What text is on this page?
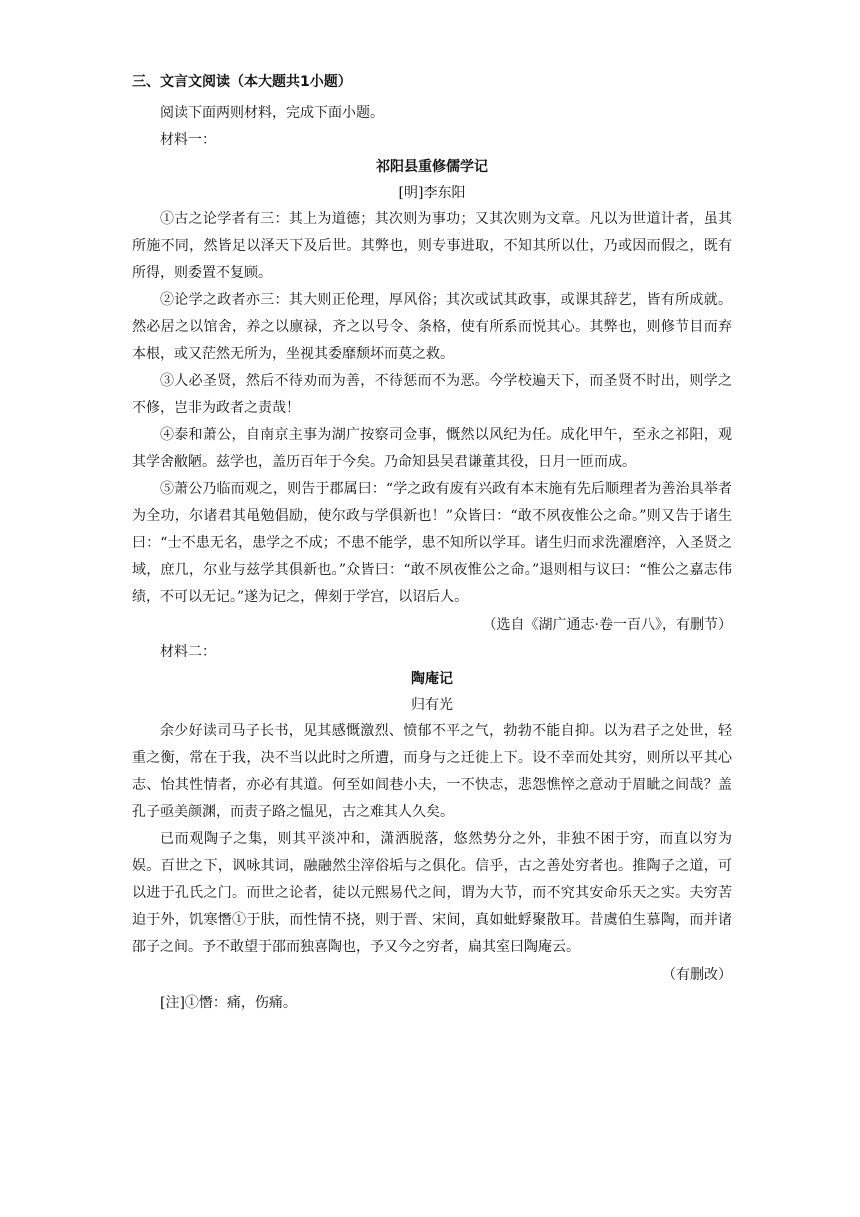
三、文言文阅读（本大题共1小题）

阅读下面两则材料，完成下面小题。

材料一：

祁阳县重修儒学记
[明]李东阳

①古之论学者有三：其上为道德；其次则为事功；又其次则为文章。凡以为世道计者，虽其所施不同，然皆足以泽天下及后世。其弊也，则专事进取，不知其所以仕，乃或因而假之，既有所得，则委置不复顾。

②论学之政者亦三：其大则正伦理，厚风俗；其次或试其政事，或课其辞艺，皆有所成就。然必居之以馆舍，养之以廪禄，齐之以号令、条格，使有所系而悦其心。其弊也，则修节目而弃本根，或又茫然无所为，坐视其委靡颓坏而莫之救。

③人必圣贤，然后不待劝而为善，不待惩而不为恶。今学校遍天下，而圣贤不时出，则学之不修，岂非为政者之责哉！

④泰和萧公，自南京主事为湖广按察司佥事，慨然以风纪为任。成化甲午，至永之祁阳，观其学舍敝陋。兹学也，盖历百年于今矣。乃命知县吴君谦董其役，日月一匝而成。

⑤萧公乃临而观之，则告于郡属曰：“学之政有废有兴政有本末施有先后顺理者为善治具举者为全功，尔诸君其黾勉倡励，使尔政与学俱新也！”众皆曰：“敢不夙夜惟公之命。”则又告于诸生曰：“士不患无名，患学之不成；不患不能学，患不知所以学耳。诸生归而求洗濯磨淬，入圣贤之域，庶几，尔业与兹学其俱新也。”众皆曰：“敢不夙夜惟公之命。”退则相与议曰：“惟公之嘉志伟绩，不可以无记。”遂为记之，俾刻于学宫，以诏后人。

（选自《湖广通志·卷一百八》，有删节）

材料二：

陶庵记
归有光

余少好读司马子长书，见其感慨激烈、愤郁不平之气，勃勃不能自抑。以为君子之处世，轻重之衡，常在于我，决不当以此时之所遭，而身与之迁徙上下。设不幸而处其穷，则所以平其心志、怡其性情者，亦必有其道。何至如闾巷小夫，一不快志，悲怨憔悴之意动于眉眦之间哉？盖孔子亟美颜渊，而责子路之愠见，古之难其人久矣。

已而观陶子之集，则其平淡冲和，潇洒脱落，悠然势分之外，非独不困于穷，而直以穷为娱。百世之下，讽咏其词，融融然尘滓俗垢与之俱化。信乎，古之善处穷者也。推陶子之道，可以进于孔氏之门。而世之论者，徒以元熙易代之间，谓为大节，而不究其安命乐天之实。夫穷苦迫于外，饥寒憯①于肤，而性情不挠，则于晋、宋间，真如蚍蜉聚散耳。昔虞伯生慕陶，而并诸邵子之间。予不敢望于邵而独喜陶也，予又今之穷者，扁其室曰陶庵云。

（有删改）
[注]①憯：痛，伤痛。
